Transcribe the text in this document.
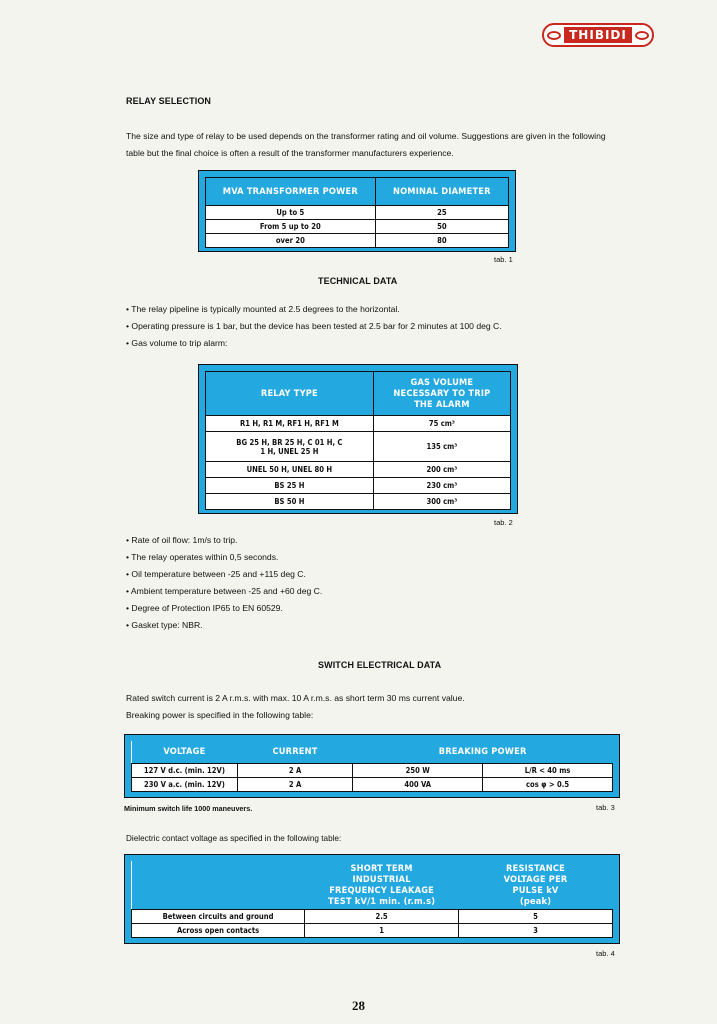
THIBIDI
RELAY SELECTION
The size and type of relay to be used depends on the transformer rating and oil volume. Suggestions are given in the following table but the final choice is often a result of the transformer manufacturers experience.
MVA TRANSFORMER POWER	NOMINAL DIAMETER
Up to 5	25
From 5 up to 20	50
over 20	80
tab. 1
TECHNICAL DATA
• The relay pipeline is typically mounted at 2.5 degrees to the horizontal.
• Operating pressure is 1 bar, but the device has been tested at 2.5 bar for 2 minutes at 100 deg C.
• Gas volume to trip alarm:
RELAY TYPE	GAS VOLUME NECESSARY TO TRIP THE ALARM
R1 H, R1 M, RF1 H, RF1 M	75 cm³
BG 25 H, BR 25 H, C 01 H, C 1 H, UNEL 25 H	135 cm³
UNEL 50 H, UNEL 80 H	200 cm³
BS 25 H	230 cm³
BS 50 H	300 cm³
tab. 2
• Rate of oil flow: 1m/s to trip.
• The relay operates within 0,5 seconds.
• Oil temperature between -25 and +115 deg C.
• Ambient temperature between -25 and +60 deg C.
• Degree of Protection IP65 to EN 60529.
• Gasket type: NBR.
SWITCH ELECTRICAL DATA
Rated switch current is 2 A r.m.s. with max. 10 A r.m.s. as short term 30 ms current value.
Breaking power is specified in the following table:
VOLTAGE	CURRENT	BREAKING POWER	
127 V d.c. (min. 12V)	2 A	250 W	L/R < 40 ms
230 V a.c. (min. 12V)	2 A	400 VA	cos φ > 0.5
Minimum switch life 1000 maneuvers.	tab. 3
Dielectric contact voltage as specified in the following table:
	SHORT TERM INDUSTRIAL FREQUENCY LEAKAGE TEST kV/1 min. (r.m.s)	RESISTANCE VOLTAGE PER PULSE kV (peak)
Between circuits and ground	2.5	5
Across open contacts	1	3
tab. 4
28
